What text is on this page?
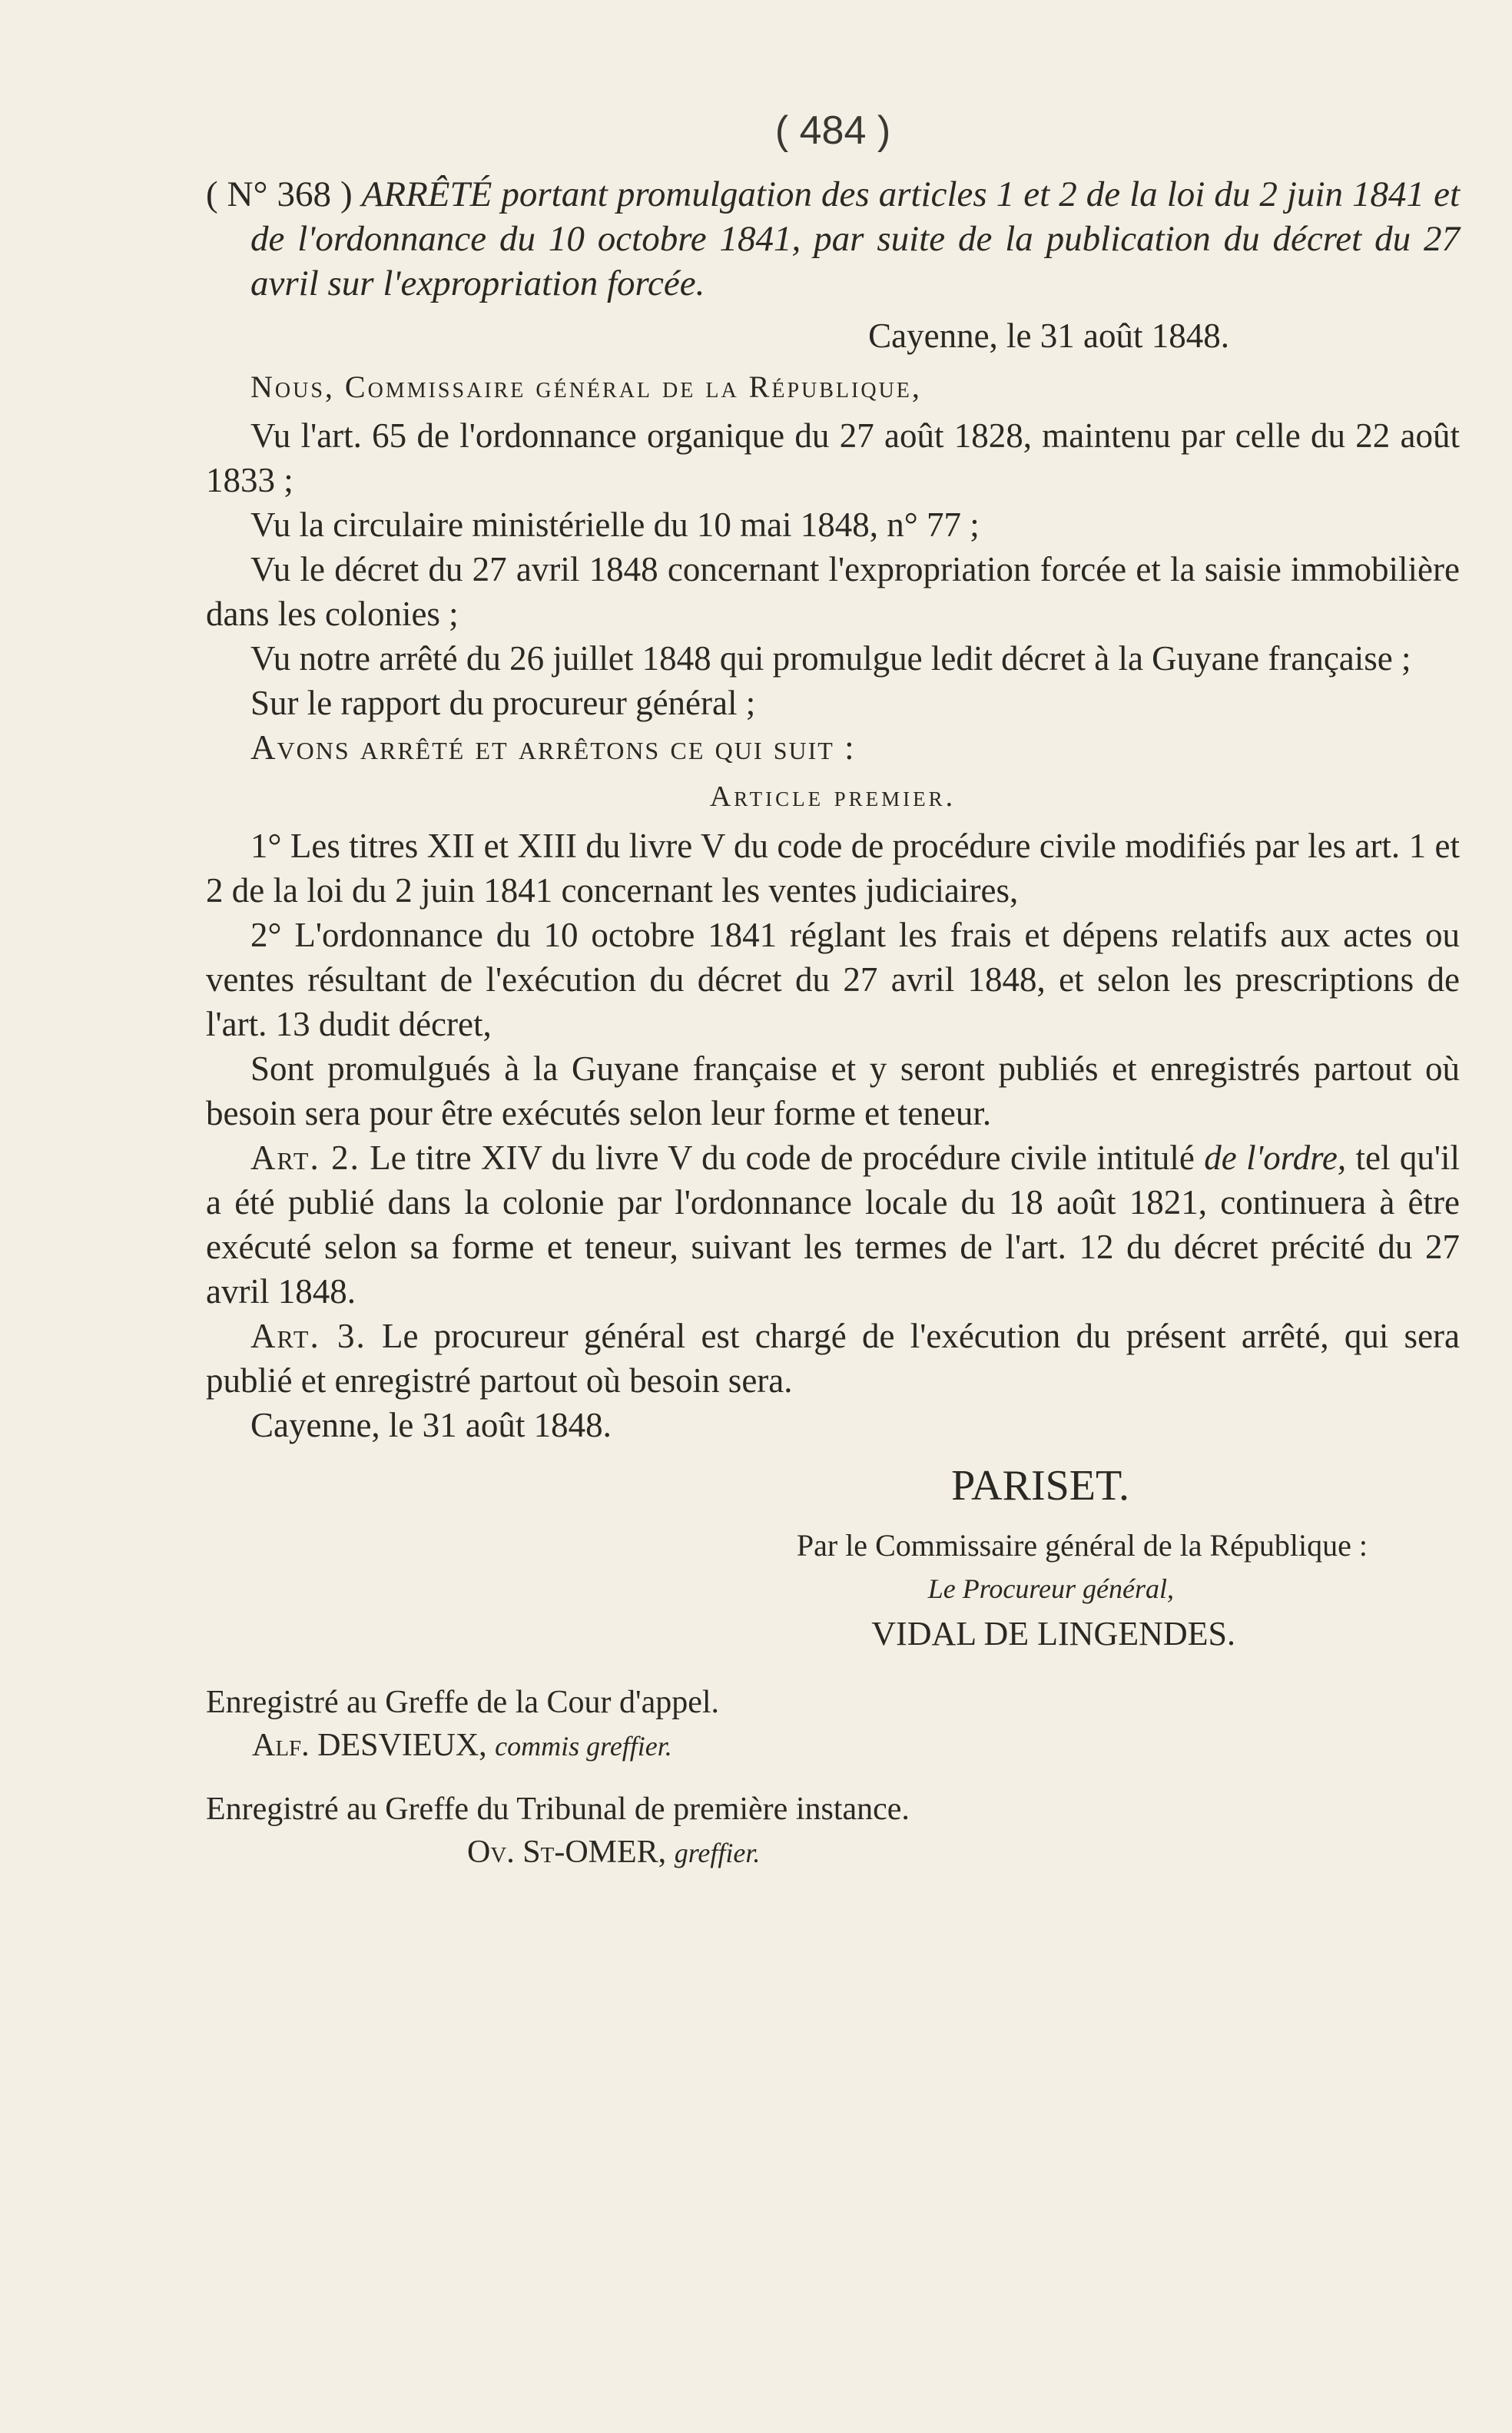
( 484 )

( N° 368 ) ARRÊTÉ portant promulgation des articles 1 et 2 de la loi du 2 juin 1841 et de l'ordonnance du 10 octobre 1841, par suite de la publication du décret du 27 avril sur l'expropriation forcée.

Cayenne, le 31 août 1848.
Nous, Commissaire général de la République,

Vu l'art. 65 de l'ordonnance organique du 27 août 1828, maintenu par celle du 22 août 1833 ;

Vu la circulaire ministérielle du 10 mai 1848, n° 77 ;

Vu le décret du 27 avril 1848 concernant l'expropriation forcée et la saisie immobilière dans les colonies ;

Vu notre arrêté du 26 juillet 1848 qui promulgue ledit décret à la Guyane française ;

Sur le rapport du procureur général ;

Avons arrêté et arrêtons ce qui suit :

Article premier.

1° Les titres XII et XIII du livre V du code de procédure civile modifiés par les art. 1 et 2 de la loi du 2 juin 1841 concernant les ventes judiciaires,

2° L'ordonnance du 10 octobre 1841 réglant les frais et dépens relatifs aux actes ou ventes résultant de l'exécution du décret du 27 avril 1848, et selon les prescriptions de l'art. 13 dudit décret,

Sont promulgués à la Guyane française et y seront publiés et enregistrés partout où besoin sera pour être exécutés selon leur forme et teneur.

Art. 2. Le titre XIV du livre V du code de procédure civile intitulé de l'ordre, tel qu'il a été publié dans la colonie par l'ordonnance locale du 18 août 1821, continuera à être exécuté selon sa forme et teneur, suivant les termes de l'art. 12 du décret précité du 27 avril 1848.

Art. 3. Le procureur général est chargé de l'exécution du présent arrêté, qui sera publié et enregistré partout où besoin sera.

Cayenne, le 31 août 1848.

PARISET.
Par le Commissaire général de la République :
Le Procureur général,
VIDAL DE LINGENDES.

Enregistré au Greffe de la Cour d'appel.

Alf. DESVIEUX, commis greffier.

Enregistré au Greffe du Tribunal de première instance.

Ov. St-OMER, greffier.
